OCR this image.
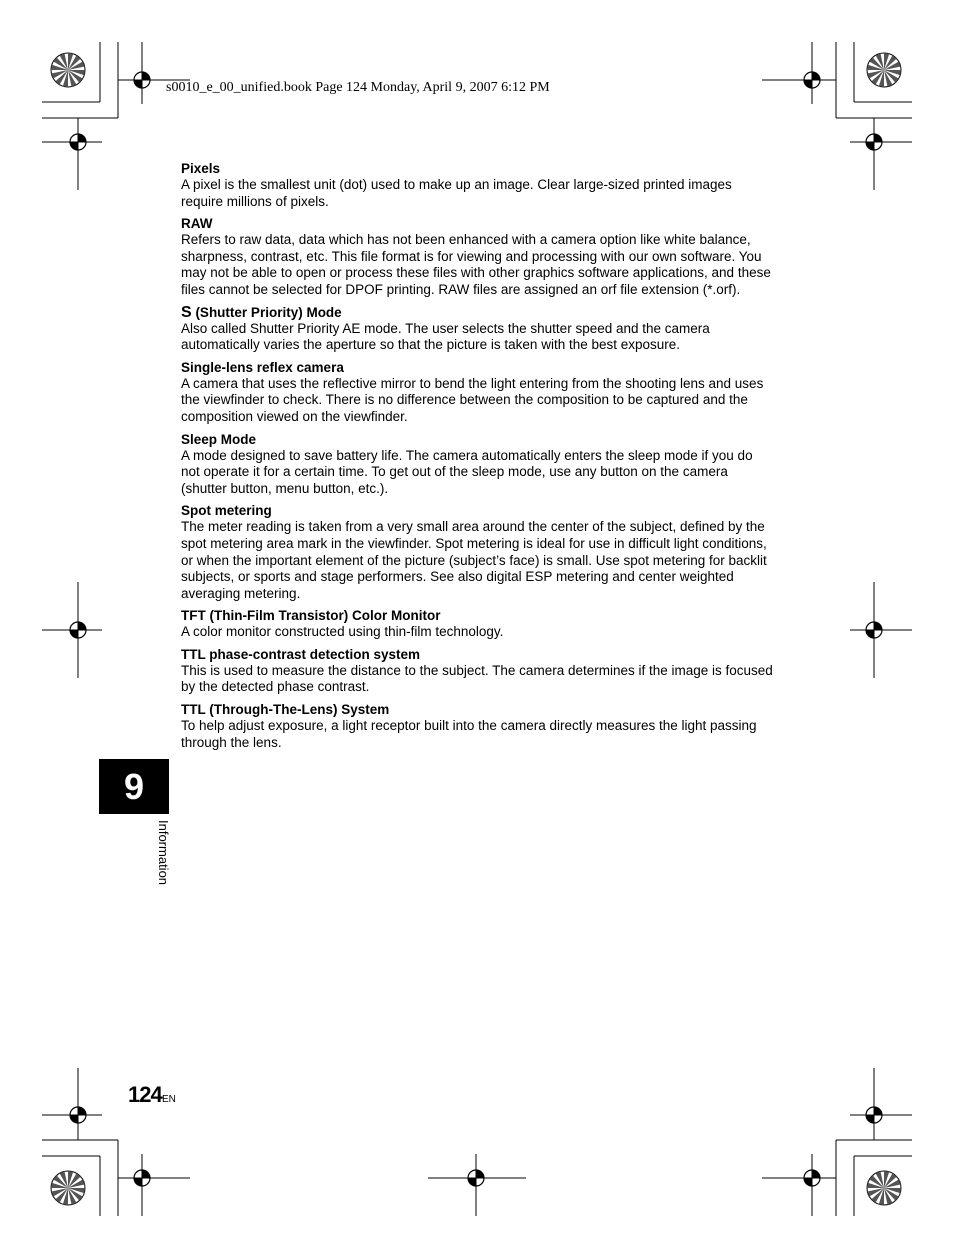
s0010_e_00_unified.book Page 124 Monday, April 9, 2007 6:12 PM

Pixels

A pixel is the smallest unit (dot) used to make up an image. Clear large-sized printed images require millions of pixels.

RAW

Refers to raw data, data which has not been enhanced with a camera option like white balance, sharpness, contrast, etc. This file format is for viewing and processing with our own software. You may not be able to open or process these files with other graphics software applications, and these files cannot be selected for DPOF printing. RAW files are assigned an orf file extension (*.orf).

S (Shutter Priority) Mode

Also called Shutter Priority AE mode. The user selects the shutter speed and the camera automatically varies the aperture so that the picture is taken with the best exposure.

Single-lens reflex camera

A camera that uses the reflective mirror to bend the light entering from the shooting lens and uses the viewfinder to check. There is no difference between the composition to be captured and the composition viewed on the viewfinder.

Sleep Mode

A mode designed to save battery life. The camera automatically enters the sleep mode if you do not operate it for a certain time. To get out of the sleep mode, use any button on the camera (shutter button, menu button, etc.).

Spot metering

The meter reading is taken from a very small area around the center of the subject, defined by the spot metering area mark in the viewfinder. Spot metering is ideal for use in difficult light conditions, or when the important element of the picture (subject’s face) is small. Use spot metering for backlit subjects, or sports and stage performers. See also digital ESP metering and center weighted averaging metering.

TFT (Thin-Film Transistor) Color Monitor

A color monitor constructed using thin-film technology.

TTL phase-contrast detection system

This is used to measure the distance to the subject. The camera determines if the image is focused by the detected phase contrast.

TTL (Through-The-Lens) System

To help adjust exposure, a light receptor built into the camera directly measures the light passing through the lens.

9
Information
124 EN
